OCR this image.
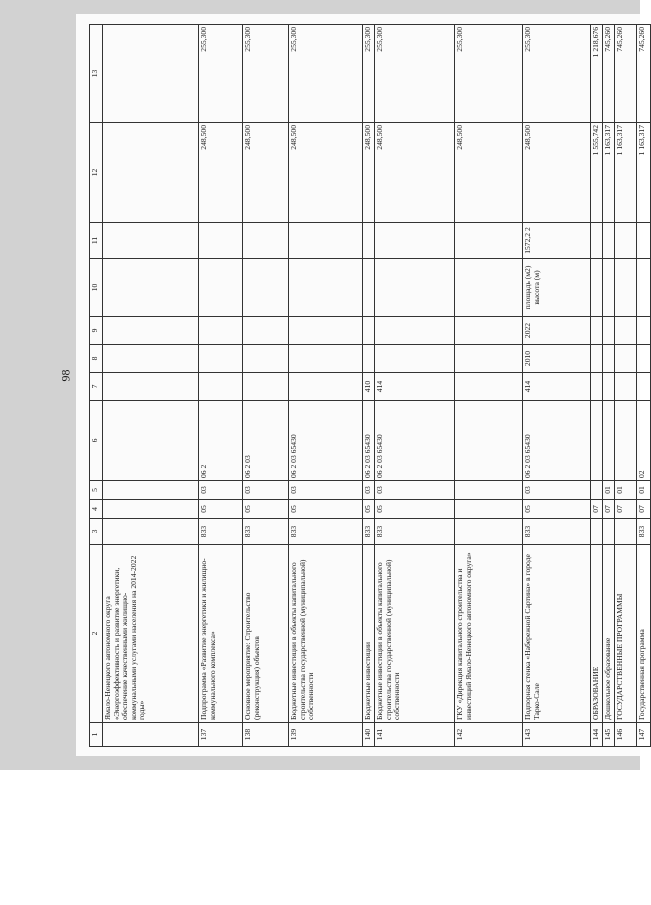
98
1	2	3	4	5	6	7	8	9	10	11	12	13
	Ямало-Ненецкого автономного округа «Энергоэффективность и развитие энергетики, обеспечение качественными жилищно-коммунальными услугами населения на 2014-2022 годы»											
137	Подпрограмма «Развитие энергетики и жилищно-коммунального комплекса»	833	05	03	06 2						248,500	255,300
138	Основное мероприятие: Строительство (реконструкция) объектов	833	05	03	06 2 03						248,500	255,300
139	Бюджетные инвестиции в объекты капитального строительства государственной (муниципальной) собственности	833	05	03	06 2 03 65430						248,500	255,300
140	Бюджетные инвестиции	833	05	03	06 2 03 65430	410					248,500	255,300
141	Бюджетные инвестиции в объекты капитального строительства государственной (муниципальной) собственности	833	05	03	06 2 03 65430	414					248,500	255,300
142	ГКУ «Дирекция капитального строительства и инвестиций Ямало-Ненецкого автономного округа»										248,500	255,300
143	Подпорная стенка «Набережной Сартина» в городе Тарко-Сале	833	05	03	06 2 03 65430	414	2010	2022	площадь (м2) высота (м)	1572,2 2	248,500	255,300
144	ОБРАЗОВАНИЕ		07								1 555,742	1 218,676
145	Дошкольное образование		07	01							1 163,317	745,260
146	ГОСУДАРСТВЕННЫЕ ПРОГРАММЫ		07	01							1 163,317	745,260
147	Государственная программа	833	07	01	02						1 163,317	745,260
